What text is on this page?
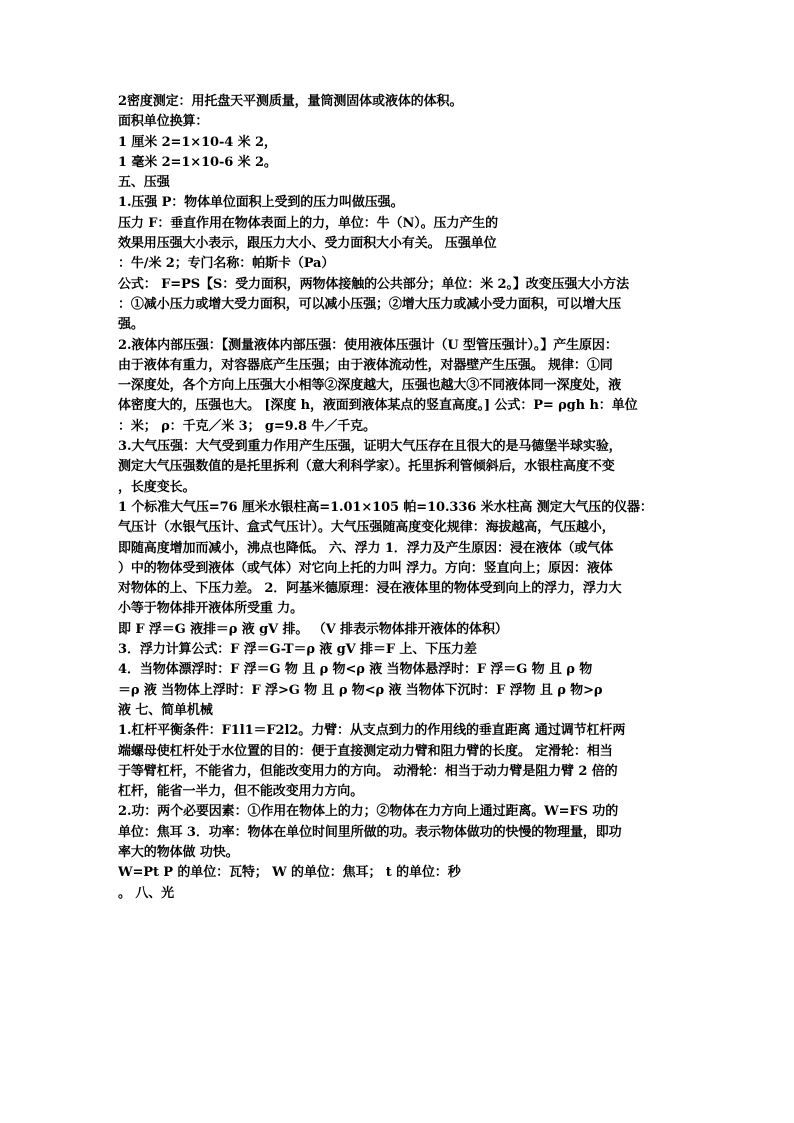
2密度测定：用托盘天平测质量，量筒测固体或液体的体积。
面积单位换算：
1 厘米 2=1×10-4 米 2，
1 毫米 2=1×10-6 米 2。
五、压强
1.压强 P：物体单位面积上受到的压力叫做压强。
压力 F：垂直作用在物体表面上的力，单位：牛（N）。压力产生的
效果用压强大小表示，跟压力大小、受力面积大小有关。 压强单位
：牛/米 2；专门名称：帕斯卡（Pa）
公式： F=PS【S：受力面积，两物体接触的公共部分；单位：米 2。】改变压强大小方法
：①减小压力或增大受力面积，可以减小压强；②增大压力或减小受力面积，可以增大压
强。
2.液体内部压强：【测量液体内部压强：使用液体压强计（U 型管压强计）。】产生原因：
由于液体有重力，对容器底产生压强；由于液体流动性，对器壁产生压强。 规律：①同
一深度处，各个方向上压强大小相等②深度越大，压强也越大③不同液体同一深度处，液
体密度大的，压强也大。 [深度 h，液面到液体某点的竖直高度。] 公式：P= ρgh h：单位
：米； ρ：千克／米 3； g=9.8 牛／千克。
3.大气压强：大气受到重力作用产生压强，证明大气压存在且很大的是马德堡半球实验，
测定大气压强数值的是托里拆利（意大利科学家）。托里拆利管倾斜后，水银柱高度不变
，长度变长。
1 个标准大气压=76 厘米水银柱高=1.01×105 帕=10.336 米水柱高 测定大气压的仪器：
气压计（水银气压计、盒式气压计）。大气压强随高度变化规律：海拔越高，气压越小，
即随高度增加而减小，沸点也降低。 六、浮力 1．浮力及产生原因：浸在液体（或气体
）中的物体受到液体（或气体）对它向上托的力叫 浮力。方向：竖直向上；原因：液体
对物体的上、下压力差。 2．阿基米德原理：浸在液体里的物体受到向上的浮力，浮力大
小等于物体排开液体所受重 力。
即 F 浮＝G 液排＝ρ 液 gV 排。 （V 排表示物体排开液体的体积）
3．浮力计算公式：F 浮＝G-T＝ρ 液 gV 排＝F 上、下压力差
4．当物体漂浮时：F 浮＝G 物 且 ρ 物<ρ 液 当物体悬浮时：F 浮＝G 物 且 ρ 物
＝ρ 液 当物体上浮时：F 浮>G 物 且 ρ 物<ρ 液 当物体下沉时：F 浮物 且 ρ 物>ρ
液 七、简单机械
1.杠杆平衡条件：F1l1＝F2l2。力臂：从支点到力的作用线的垂直距离 通过调节杠杆两
端螺母使杠杆处于水位置的目的：便于直接测定动力臂和阻力臂的长度。 定滑轮：相当
于等臂杠杆，不能省力，但能改变用力的方向。 动滑轮：相当于动力臂是阻力臂 2 倍的
杠杆，能省一半力，但不能改变用力方向。
2.功：两个必要因素：①作用在物体上的力；②物体在力方向上通过距离。W=FS 功的
单位：焦耳 3．功率：物体在单位时间里所做的功。表示物体做功的快慢的物理量，即功
率大的物体做 功快。
W=Pt P 的单位：瓦特； W 的单位：焦耳； t 的单位：秒
。 八、光
